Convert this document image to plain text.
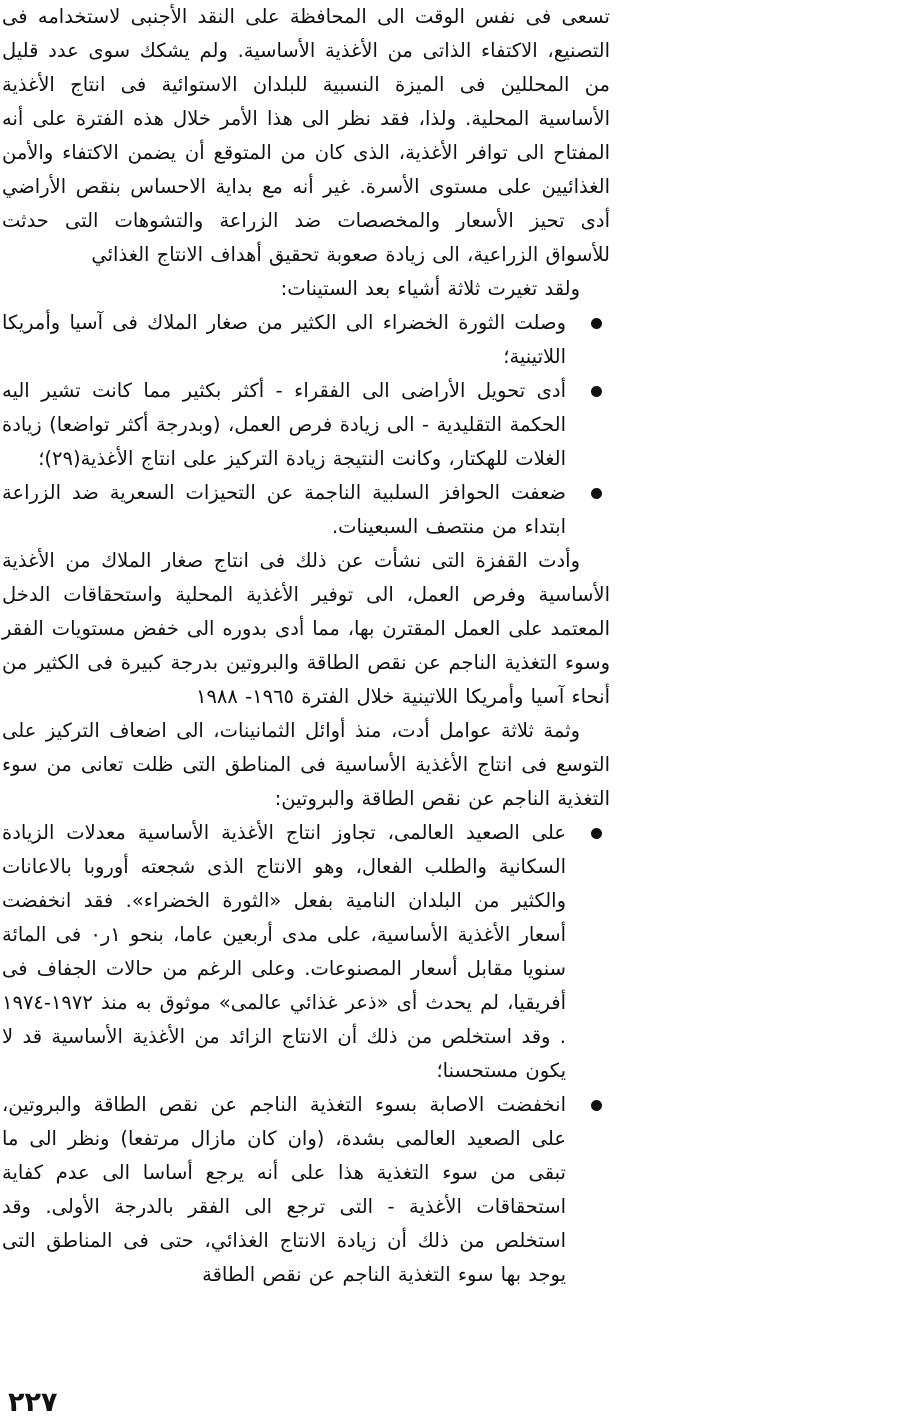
تسعى فى نفس الوقت الى المحافظة على النقد الأجنبى لاستخدامه فى التصنيع، الاكتفاء الذاتى من الأغذية الأساسية. ولم يشكك سوى عدد قليل من المحللين فى الميزة النسبية للبلدان الاستوائية فى انتاج الأغذية الأساسية المحلية. ولذا، فقد نظر الى هذا الأمر خلال هذه الفترة على أنه المفتاح الى توافر الأغذية، الذى كان من المتوقع أن يضمن الاكتفاء والأمن الغذائيين على مستوى الأسرة. غير أنه مع بداية الاحساس بنقص الأراضي أدى تحيز الأسعار والمخصصات ضد الزراعة والتشوهات التى حدثت للأسواق الزراعية، الى زيادة صعوبة تحقيق أهداف الانتاج الغذائي

ولقد تغيرت ثلاثة أشياء بعد الستينات:

وصلت الثورة الخضراء الى الكثير من صغار الملاك فى آسيا وأمريكا اللاتينية؛

أدى تحويل الأراضى الى الفقراء - أكثر بكثير مما كانت تشير اليه الحكمة التقليدية - الى زيادة فرص العمل، (وبدرجة أكثر تواضعا) زيادة الغلات للهكتار، وكانت النتيجة زيادة التركيز على انتاج الأغذية(٢٩)؛

ضعفت الحوافز السلبية الناجمة عن التحيزات السعرية ضد الزراعة ابتداء من منتصف السبعينات.

وأدت القفزة التى نشأت عن ذلك فى انتاج صغار الملاك من الأغذية الأساسية وفرص العمل، الى توفير الأغذية المحلية واستحقاقات الدخل المعتمد على العمل المقترن بها، مما أدى بدوره الى خفض مستويات الفقر وسوء التغذية الناجم عن نقص الطاقة والبروتين بدرجة كبيرة فى الكثير من أنحاء آسيا وأمريكا اللاتينية خلال الفترة ١٩٦٥- ١٩٨٨

وثمة ثلاثة عوامل أدت، منذ أوائل الثمانينات، الى اضعاف التركيز على التوسع فى انتاج الأغذية الأساسية فى المناطق التى ظلت تعانى من سوء التغذية الناجم عن نقص الطاقة والبروتين:

على الصعيد العالمى، تجاوز انتاج الأغذية الأساسية معدلات الزيادة السكانية والطلب الفعال، وهو الانتاج الذى شجعته أوروبا بالاعانات والكثير من البلدان النامية بفعل «الثورة الخضراء». فقد انخفضت أسعار الأغذية الأساسية، على مدى أربعين عاما، بنحو ١ر٠ فى المائة سنويا مقابل أسعار المصنوعات. وعلى الرغم من حالات الجفاف فى أفريقيا، لم يحدث أى «ذعر غذائي عالمى» موثوق به منذ ١٩٧٢-١٩٧٤ . وقد استخلص من ذلك أن الانتاج الزائد من الأغذية الأساسية قد لا يكون مستحسنا؛

انخفضت الاصابة بسوء التغذية الناجم عن نقص الطاقة والبروتين، على الصعيد العالمى بشدة، (وان كان مازال مرتفعا) ونظر الى ما تبقى من سوء التغذية هذا على أنه يرجع أساسا الى عدم كفاية استحقاقات الأغذية - التى ترجع الى الفقر بالدرجة الأولى. وقد استخلص من ذلك أن زيادة الانتاج الغذائي، حتى فى المناطق التى يوجد بها سوء التغذية الناجم عن نقص الطاقة

٢٢٧
